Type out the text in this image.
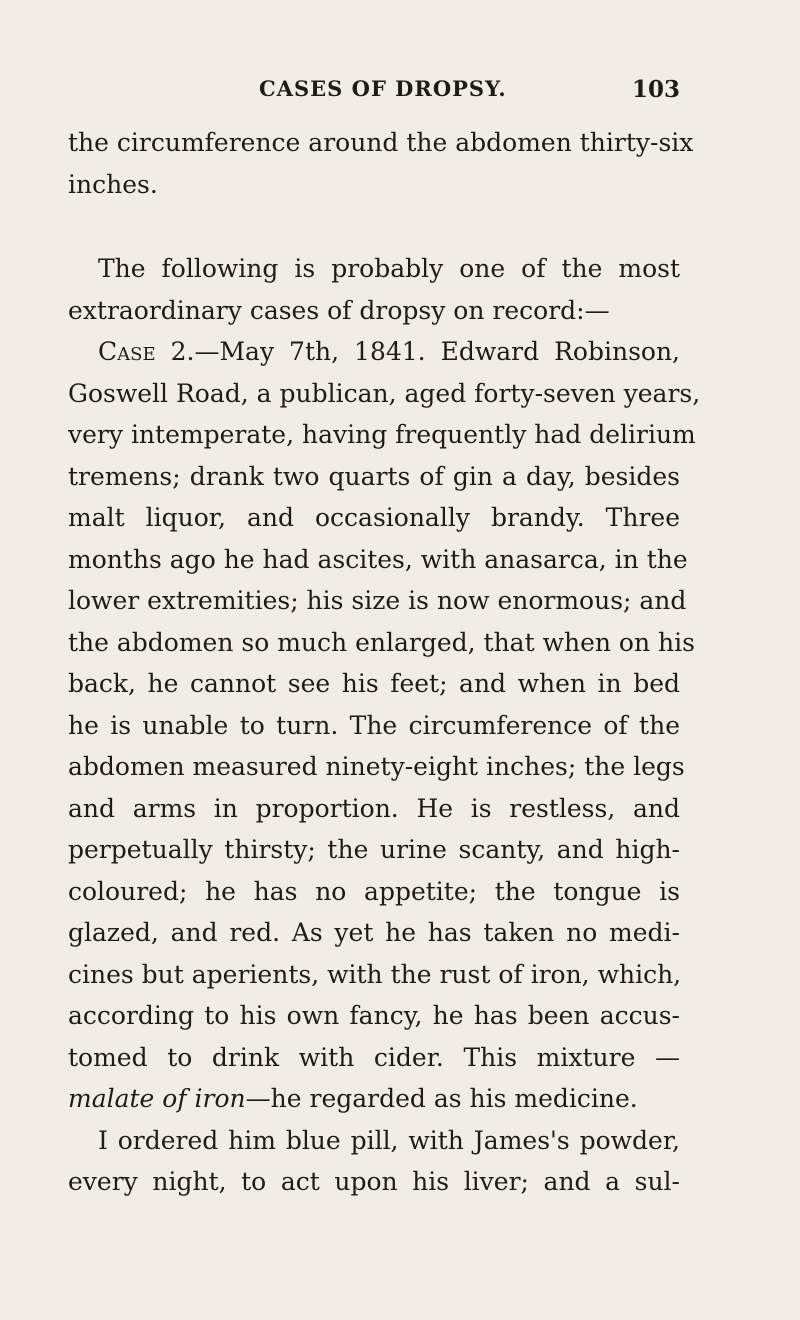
CASES OF DROPSY.	103
the circumference around the abdomen thirty-six
inches.
The following is probably one of the most
extraordinary cases of dropsy on record:—
Case 2.—May 7th, 1841. Edward Robinson,
Goswell Road, a publican, aged forty-seven years,
very intemperate, having frequently had delirium
tremens; drank two quarts of gin a day, besides
malt liquor, and occasionally brandy. Three
months ago he had ascites, with anasarca, in the
lower extremities; his size is now enormous; and
the abdomen so much enlarged, that when on his
back, he cannot see his feet; and when in bed
he is unable to turn. The circumference of the
abdomen measured ninety-eight inches; the legs
and arms in proportion. He is restless, and
perpetually thirsty; the urine scanty, and high-
coloured; he has no appetite; the tongue is
glazed, and red. As yet he has taken no medi-
cines but aperients, with the rust of iron, which,
according to his own fancy, he has been accus-
tomed to drink with cider. This mixture —
malate of iron—he regarded as his medicine.
I ordered him blue pill, with James's powder,
every night, to act upon his liver; and a sul-
